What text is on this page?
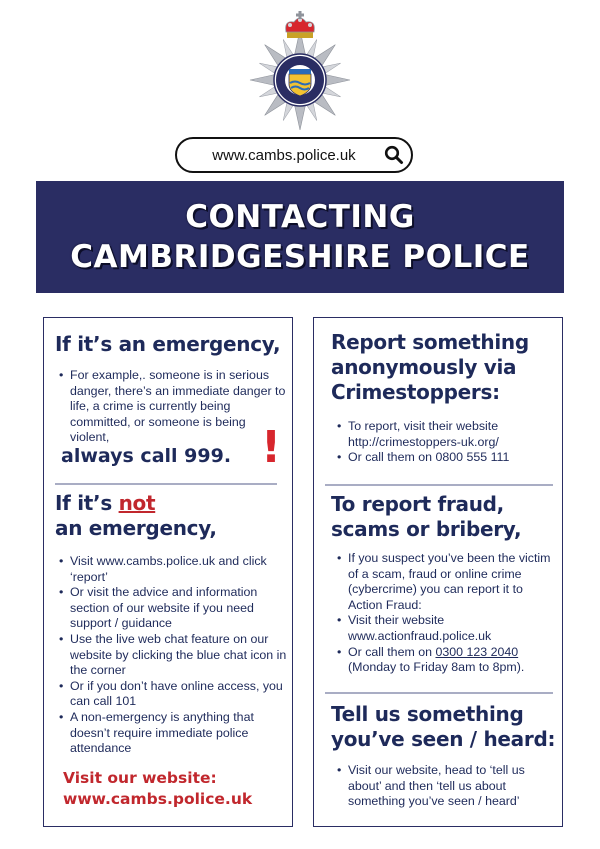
www.cambs.police.uk
CONTACTING
CAMBRIDGESHIRE POLICE
If it’s an emergency,
• For example,. someone is in serious danger, there’s an immediate danger to life, a crime is currently being committed, or someone is being violent,
always call 999. !
If it’s not
an emergency,
• Visit www.cambs.police.uk and click ‘report’
• Or visit the advice and information section of our website if you need support / guidance
• Use the live web chat feature on our website by clicking the blue chat icon in the corner
• Or if you don’t have online access, you can call 101
• A non-emergency is anything that doesn’t require immediate police attendance
Visit our website:
www.cambs.police.uk
Report something anonymously via Crimestoppers:
• To report, visit their website http://crimestoppers-uk.org/
• Or call them on 0800 555 111
To report fraud, scams or bribery,
• If you suspect you’ve been the victim of a scam, fraud or online crime (cybercrime) you can report it to Action Fraud:
• Visit their website www.actionfraud.police.uk
• Or call them on 0300 123 2040
(Monday to Friday 8am to 8pm).
Tell us something you’ve seen / heard:
• Visit our website, head to ‘tell us about’ and then ‘tell us about something you’ve seen / heard’
